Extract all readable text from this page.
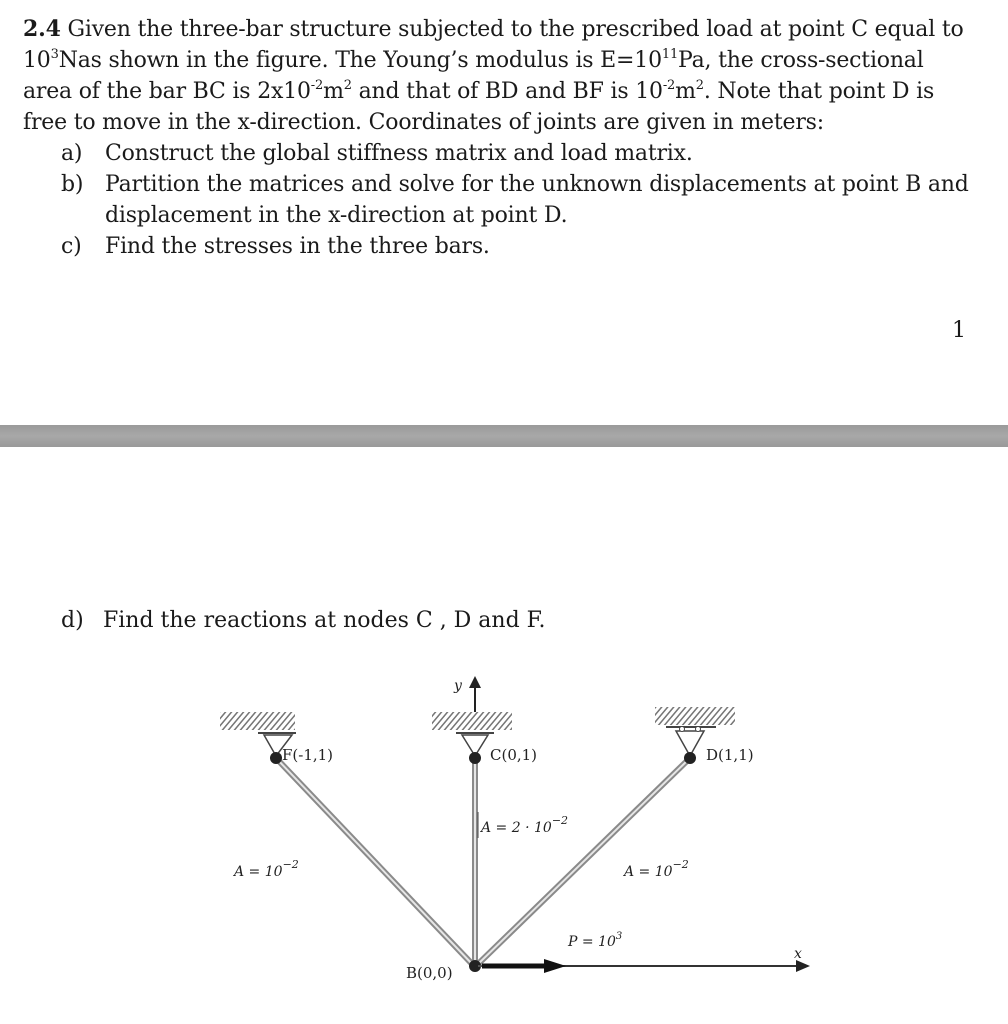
2.4 Given the three-bar structure subjected to the prescribed load at point C equal to
$10^3Nas$ shown in the figure. The Young’s modulus is $E=10^{11}Pa$, the cross-sectional
area of the bar BC is $2x10^{-2}m^2$ and that of BD and BF is $10^{-2}m^2$. Note that point D is
free to move in the x-direction. Coordinates of joints are given in meters:
a) Construct the global stiffness matrix and load matrix.
b) Partition the matrices and solve for the unknown displacements at point B and
displacement in the x-direction at point D.
c) Find the stresses in the three bars.
1
d) Find the reactions at nodes C , D and F.
y
x
F(-1,1)	C(0,1)	D(1,1)
B(0,0)
$A = 2 \cdot 10^{-2}$
$A = 10^{-2}$	$A = 10^{-2}$
$P = 10^3$
